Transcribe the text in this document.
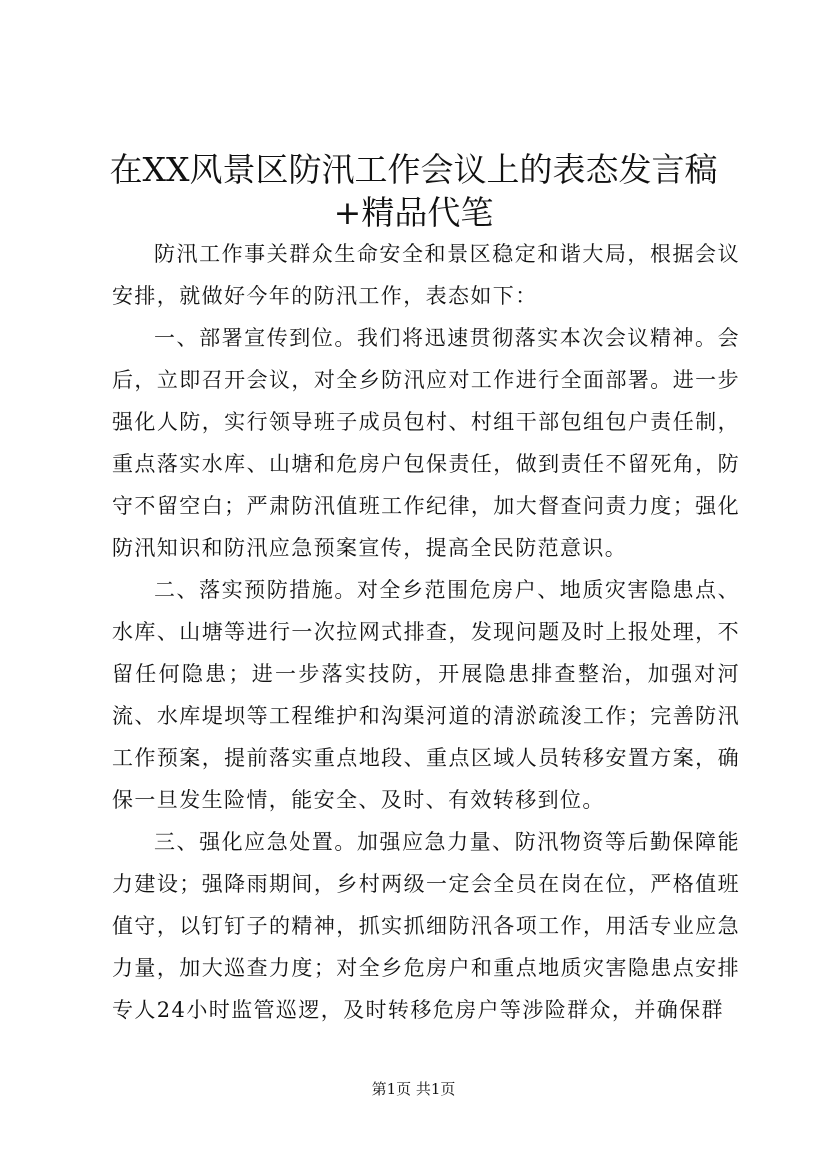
在XX风景区防汛工作会议上的表态发言稿+精品代笔

防汛工作事关群众生命安全和景区稳定和谐大局，根据会议安排，就做好今年的防汛工作，表态如下：

一、部署宣传到位。我们将迅速贯彻落实本次会议精神。会后，立即召开会议，对全乡防汛应对工作进行全面部署。进一步强化人防，实行领导班子成员包村、村组干部包组包户责任制，重点落实水库、山塘和危房户包保责任，做到责任不留死角，防守不留空白；严肃防汛值班工作纪律，加大督查问责力度；强化防汛知识和防汛应急预案宣传，提高全民防范意识。

二、落实预防措施。对全乡范围危房户、地质灾害隐患点、水库、山塘等进行一次拉网式排查，发现问题及时上报处理，不留任何隐患；进一步落实技防，开展隐患排查整治，加强对河流、水库堤坝等工程维护和沟渠河道的清淤疏浚工作；完善防汛工作预案，提前落实重点地段、重点区域人员转移安置方案，确保一旦发生险情，能安全、及时、有效转移到位。

三、强化应急处置。加强应急力量、防汛物资等后勤保障能力建设；强降雨期间，乡村两级一定会全员在岗在位，严格值班值守，以钉钉子的精神，抓实抓细防汛各项工作，用活专业应急力量，加大巡查力度；对全乡危房户和重点地质灾害隐患点安排专人24小时监管巡逻，及时转移危房户等涉险群众，并确保群

第1页 共1页
